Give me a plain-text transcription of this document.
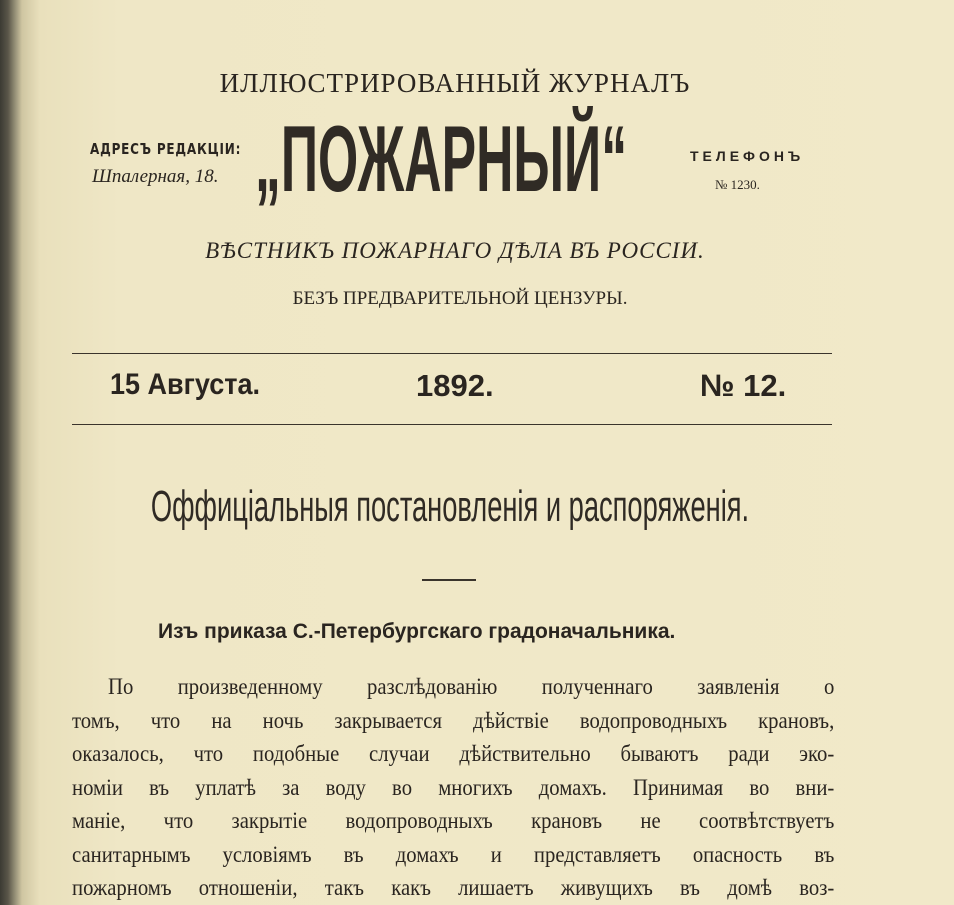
ИЛЛЮСТРИРОВАННЫЙ ЖУРНАЛЪ
АДРЕСЪ РЕДАКЦІИ:
Шпалерная, 18. „ПОЖАРНЫЙ“	ТЕЛЕФОНЪ
№ 1230.
ВѢСТНИКЪ ПОЖАРНАГО ДѢЛА ВЪ РОССІИ.
БЕЗЪ ПРЕДВАРИТЕЛЬНОЙ ЦЕНЗУРЫ.
15 Августа.	1892.	№ 12.
Оффиціальныя постановленія и распоряженія.
Изъ приказа С.-Петербургскаго градоначальника.

По произведенному разслѣдованію полученнаго заявленія о

томъ, что на ночь закрывается дѣйствіе водопроводныхъ крановъ,

оказалось, что подобные случаи дѣйствительно бываютъ ради эко-

номіи въ уплатѣ за воду во многихъ домахъ. Принимая во вни-

маніе, что закрытіе водопроводныхъ крановъ не соотвѣтствуетъ

санитарнымъ условіямъ въ домахъ и представляетъ опасность въ

пожарномъ отношеніи, такъ какъ лишаетъ живущихъ въ домѣ воз-
